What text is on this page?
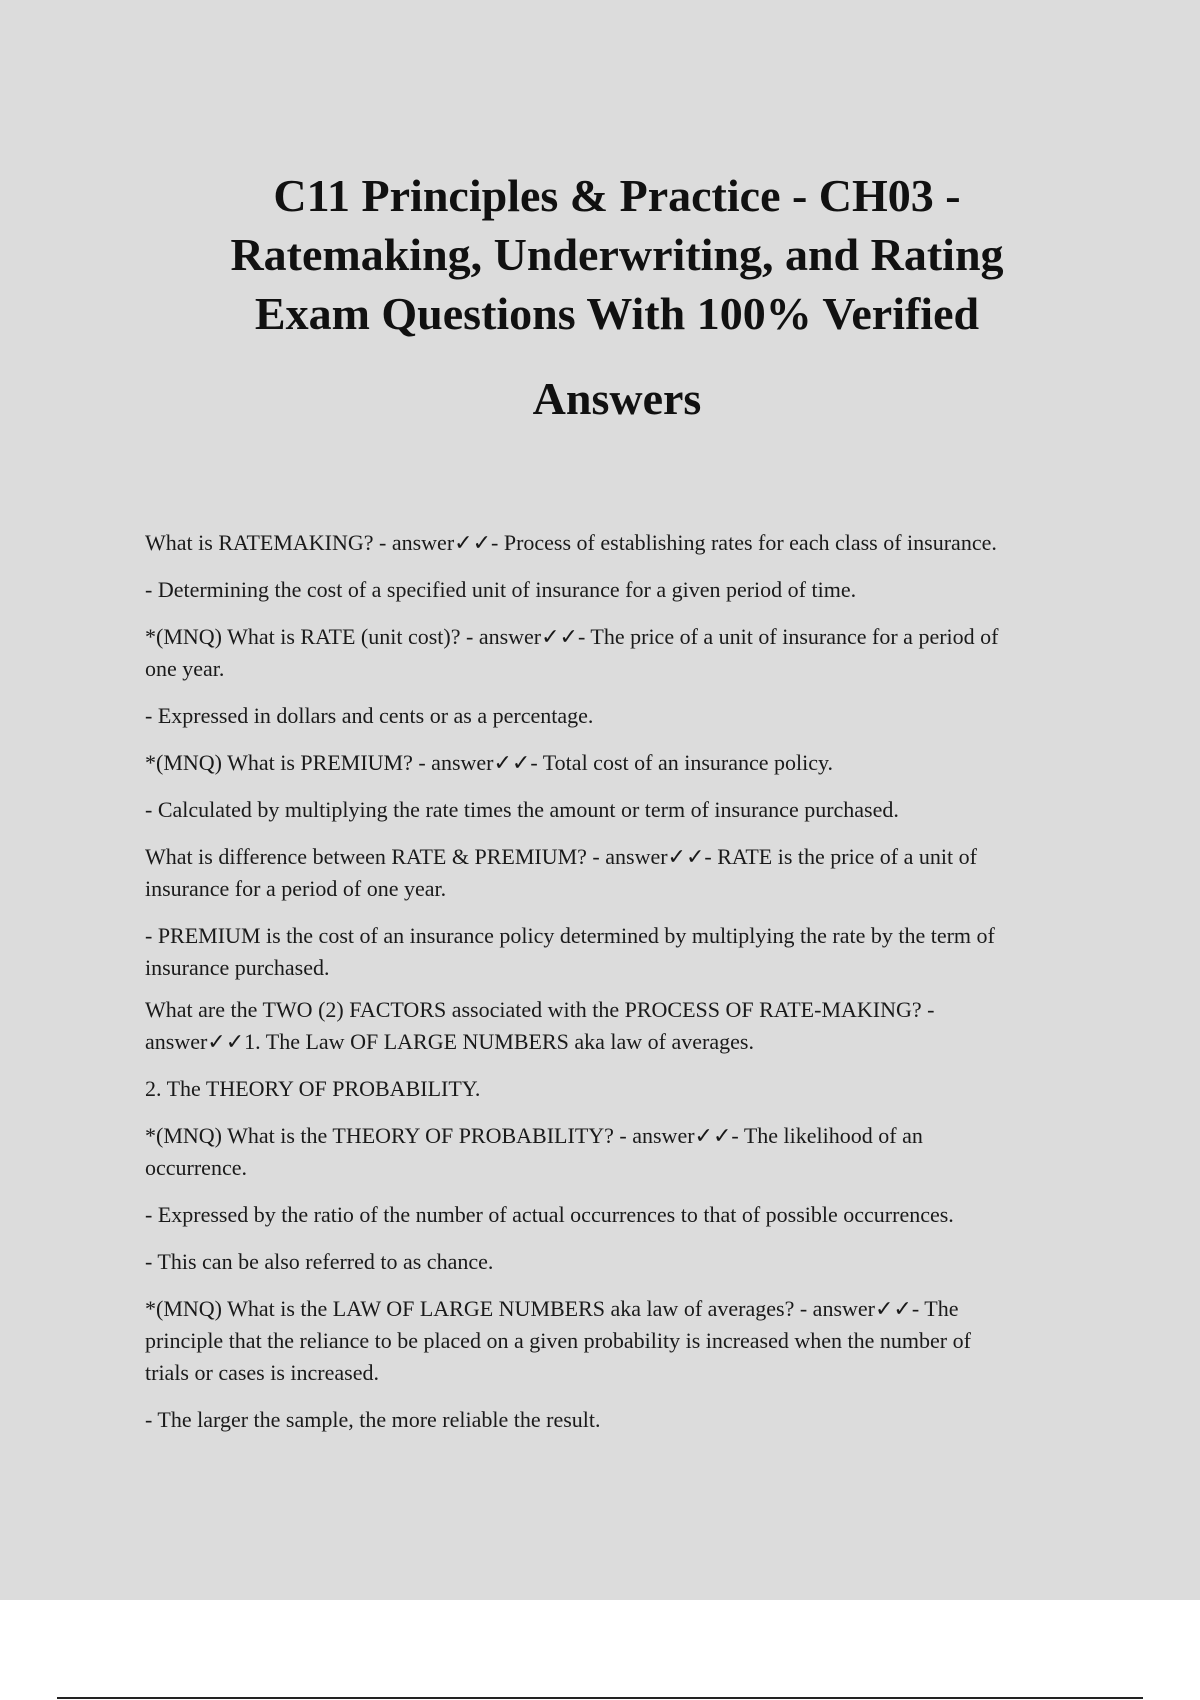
C11 Principles & Practice - CH03 -
Ratemaking, Underwriting, and Rating
Exam Questions With 100% Verified
Answers

What is RATEMAKING? - answer✓✓- Process of establishing rates for each class of insurance.

- Determining the cost of a specified unit of insurance for a given period of time.

*(MNQ) What is RATE (unit cost)? - answer✓✓- The price of a unit of insurance for a period of
one year.

- Expressed in dollars and cents or as a percentage.

*(MNQ) What is PREMIUM? - answer✓✓- Total cost of an insurance policy.

- Calculated by multiplying the rate times the amount or term of insurance purchased.

What is difference between RATE & PREMIUM? - answer✓✓- RATE is the price of a unit of
insurance for a period of one year.

- PREMIUM is the cost of an insurance policy determined by multiplying the rate by the term of
insurance purchased.

What are the TWO (2) FACTORS associated with the PROCESS OF RATE-MAKING? -
answer✓✓1. The Law OF LARGE NUMBERS aka law of averages.

2. The THEORY OF PROBABILITY.

*(MNQ) What is the THEORY OF PROBABILITY? - answer✓✓- The likelihood of an
occurrence.

- Expressed by the ratio of the number of actual occurrences to that of possible occurrences.

- This can be also referred to as chance.

*(MNQ) What is the LAW OF LARGE NUMBERS aka law of averages? - answer✓✓- The
principle that the reliance to be placed on a given probability is increased when the number of
trials or cases is increased.

- The larger the sample, the more reliable the result.
